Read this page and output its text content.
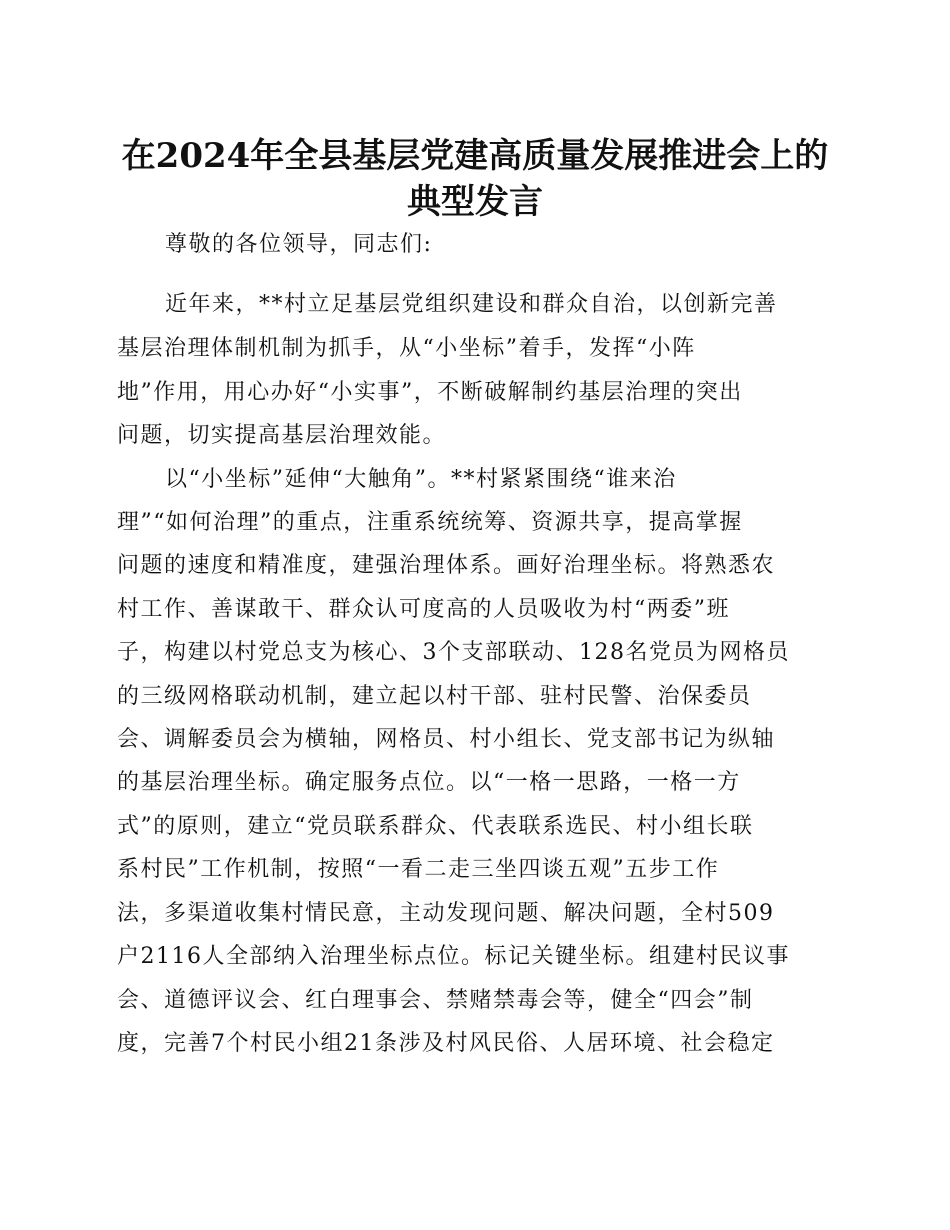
在2024年全县基层党建高质量发展推进会上的
典型发言
尊敬的各位领导，同志们:
近年来，**村立足基层党组织建设和群众自治，以创新完善
基层治理体制机制为抓手，从“小坐标”着手，发挥“小阵
地”作用，用心办好“小实事”，不断破解制约基层治理的突出
问题，切实提高基层治理效能。
以“小坐标”延伸“大触角”。**村紧紧围绕“谁来治
理”“如何治理”的重点，注重系统统筹、资源共享，提高掌握
问题的速度和精准度，建强治理体系。画好治理坐标。将熟悉农
村工作、善谋敢干、群众认可度高的人员吸收为村“两委”班
子，构建以村党总支为核心、3个支部联动、128名党员为网格员
的三级网格联动机制，建立起以村干部、驻村民警、治保委员
会、调解委员会为横轴，网格员、村小组长、党支部书记为纵轴
的基层治理坐标。确定服务点位。以“一格一思路，一格一方
式”的原则，建立“党员联系群众、代表联系选民、村小组长联
系村民”工作机制，按照“一看二走三坐四谈五观”五步工作
法，多渠道收集村情民意，主动发现问题、解决问题，全村509
户2116人全部纳入治理坐标点位。标记关键坐标。组建村民议事
会、道德评议会、红白理事会、禁赌禁毒会等，健全“四会”制
度，完善7个村民小组21条涉及村风民俗、人居环境、社会稳定
